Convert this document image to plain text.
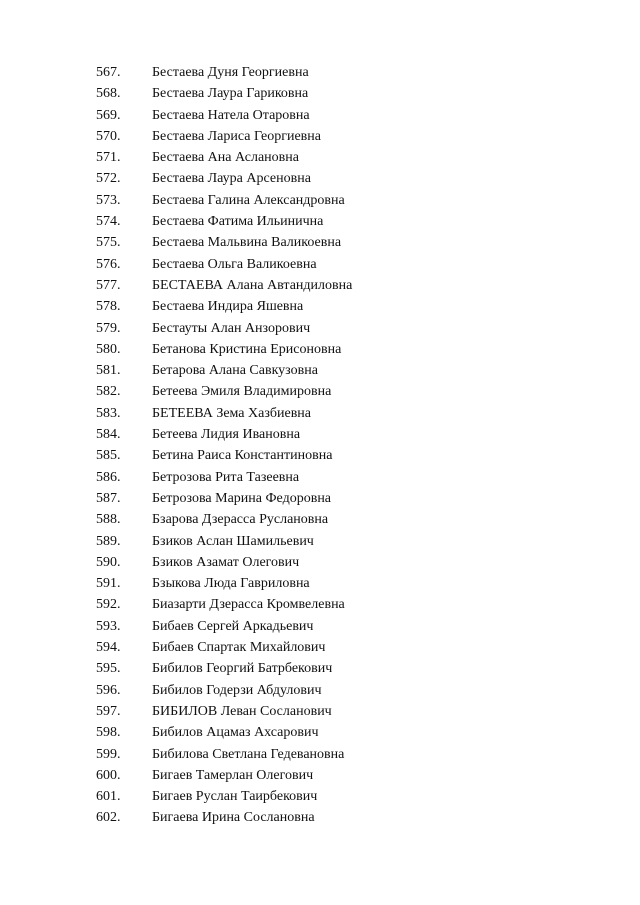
567.	Бестаева Дуня Георгиевна
568.	Бестаева Лаура Гариковна
569.	Бестаева Натела Отаровна
570.	Бестаева Лариса Георгиевна
571.	Бестаева Ана Аслановна
572.	Бестаева Лаура Арсеновна
573.	Бестаева Галина Александровна
574.	Бестаева Фатима Ильинична
575.	Бестаева Мальвина Валикоевна
576.	Бестаева Ольга Валикоевна
577.	БЕСТАЕВА Алана Автандиловна
578.	Бестаева Индира Яшевна
579.	Бестауты Алан Анзорович
580.	Бетанова Кристина Ерисоновна
581.	Бетарова Алана Савкузовна
582.	Бетеева Эмиля Владимировна
583.	БЕТЕЕВА Зема Хазбиевна
584.	Бетеева Лидия Ивановна
585.	Бетина Раиса Константиновна
586.	Бетрозова Рита Тазеевна
587.	Бетрозова Марина Федоровна
588.	Бзарова Дзерасса Руслановна
589.	Бзиков Аслан Шамильевич
590.	Бзиков Азамат Олегович
591.	Бзыкова Люда Гавриловна
592.	Биазарти Дзерасса Кромвелевна
593.	Бибаев Сергей Аркадьевич
594.	Бибаев Спартак Михайлович
595.	Бибилов Георгий Батрбекович
596.	Бибилов Годерзи Абдулович
597.	БИБИЛОВ Леван Сосланович
598.	Бибилов Ацамаз Ахсарович
599.	Бибилова Светлана Гедевановна
600.	Бигаев Тамерлан Олегович
601.	Бигаев Руслан Таирбекович
602.	Бигаева Ирина Сослановна
